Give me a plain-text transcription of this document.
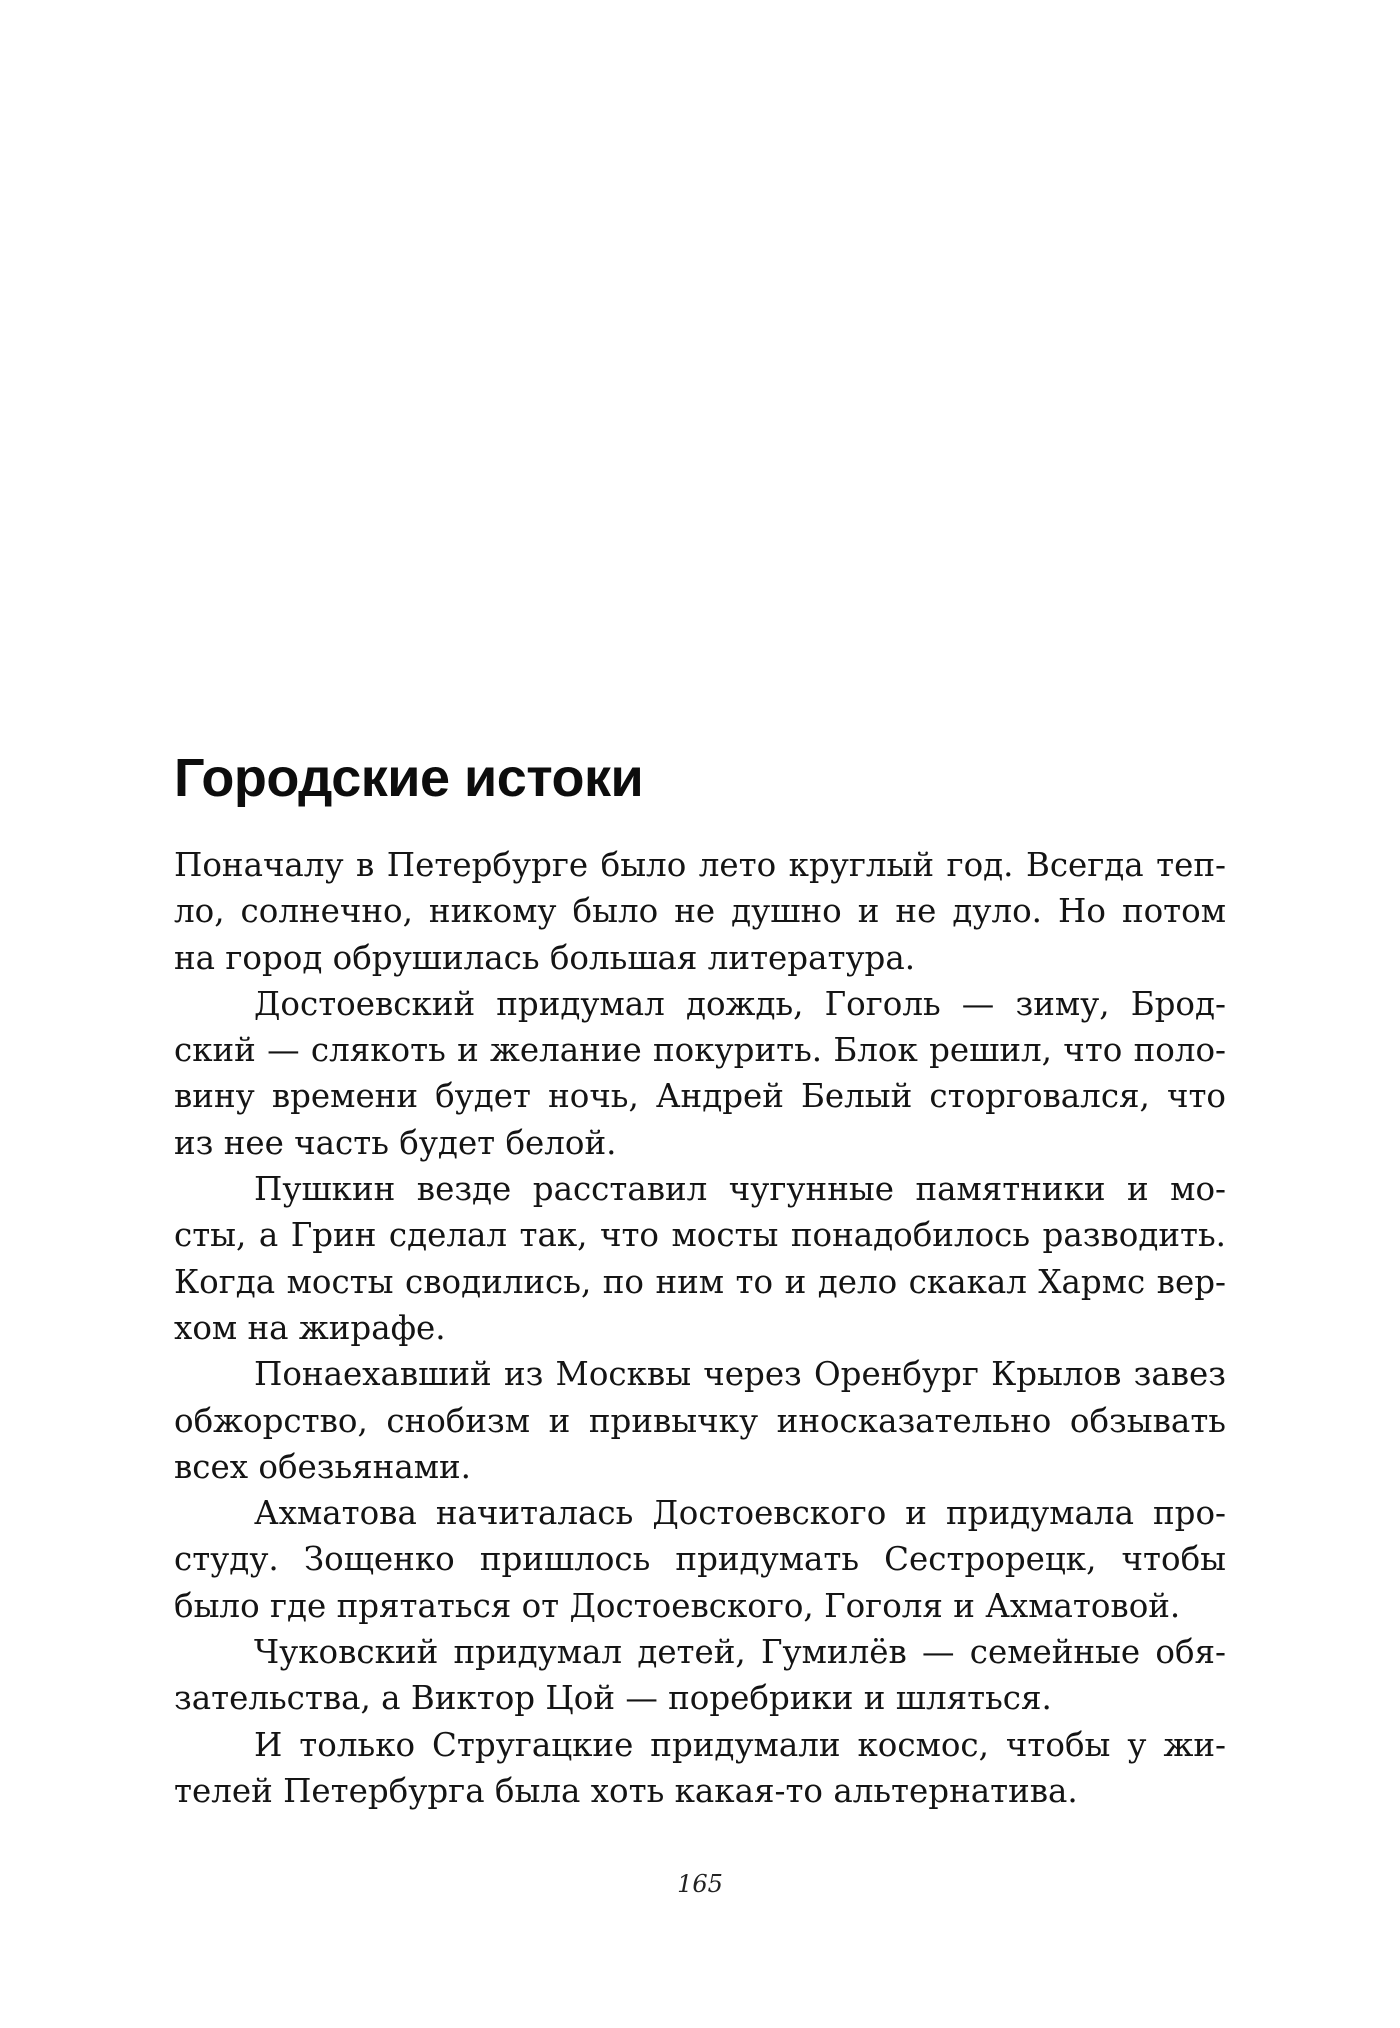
Городские истоки
Поначалу в Петербурге было лето круглый год. Всегда теп-
ло, солнечно, никому было не душно и не дуло. Но потом
на город обрушилась большая литература.
Достоевский придумал дождь, Гоголь — зиму, Брод-
ский — слякоть и желание покурить. Блок решил, что поло-
вину времени будет ночь, Андрей Белый сторговался, что
из нее часть будет белой.
Пушкин везде расставил чугунные памятники и мо-
сты, а Грин сделал так, что мосты понадобилось разводить.
Когда мосты сводились, по ним то и дело скакал Хармс вер-
хом на жирафе.
Понаехавший из Москвы через Оренбург Крылов завез
обжорство, снобизм и привычку иносказательно обзывать
всех обезьянами.
Ахматова начиталась Достоевского и придумала про-
студу. Зощенко пришлось придумать Сестрорецк, чтобы
было где прятаться от Достоевского, Гоголя и Ахматовой.
Чуковский придумал детей, Гумилёв — семейные обя-
зательства, а Виктор Цой — поребрики и шляться.
И только Стругацкие придумали космос, чтобы у жи-
телей Петербурга была хоть какая-то альтернатива.

165
